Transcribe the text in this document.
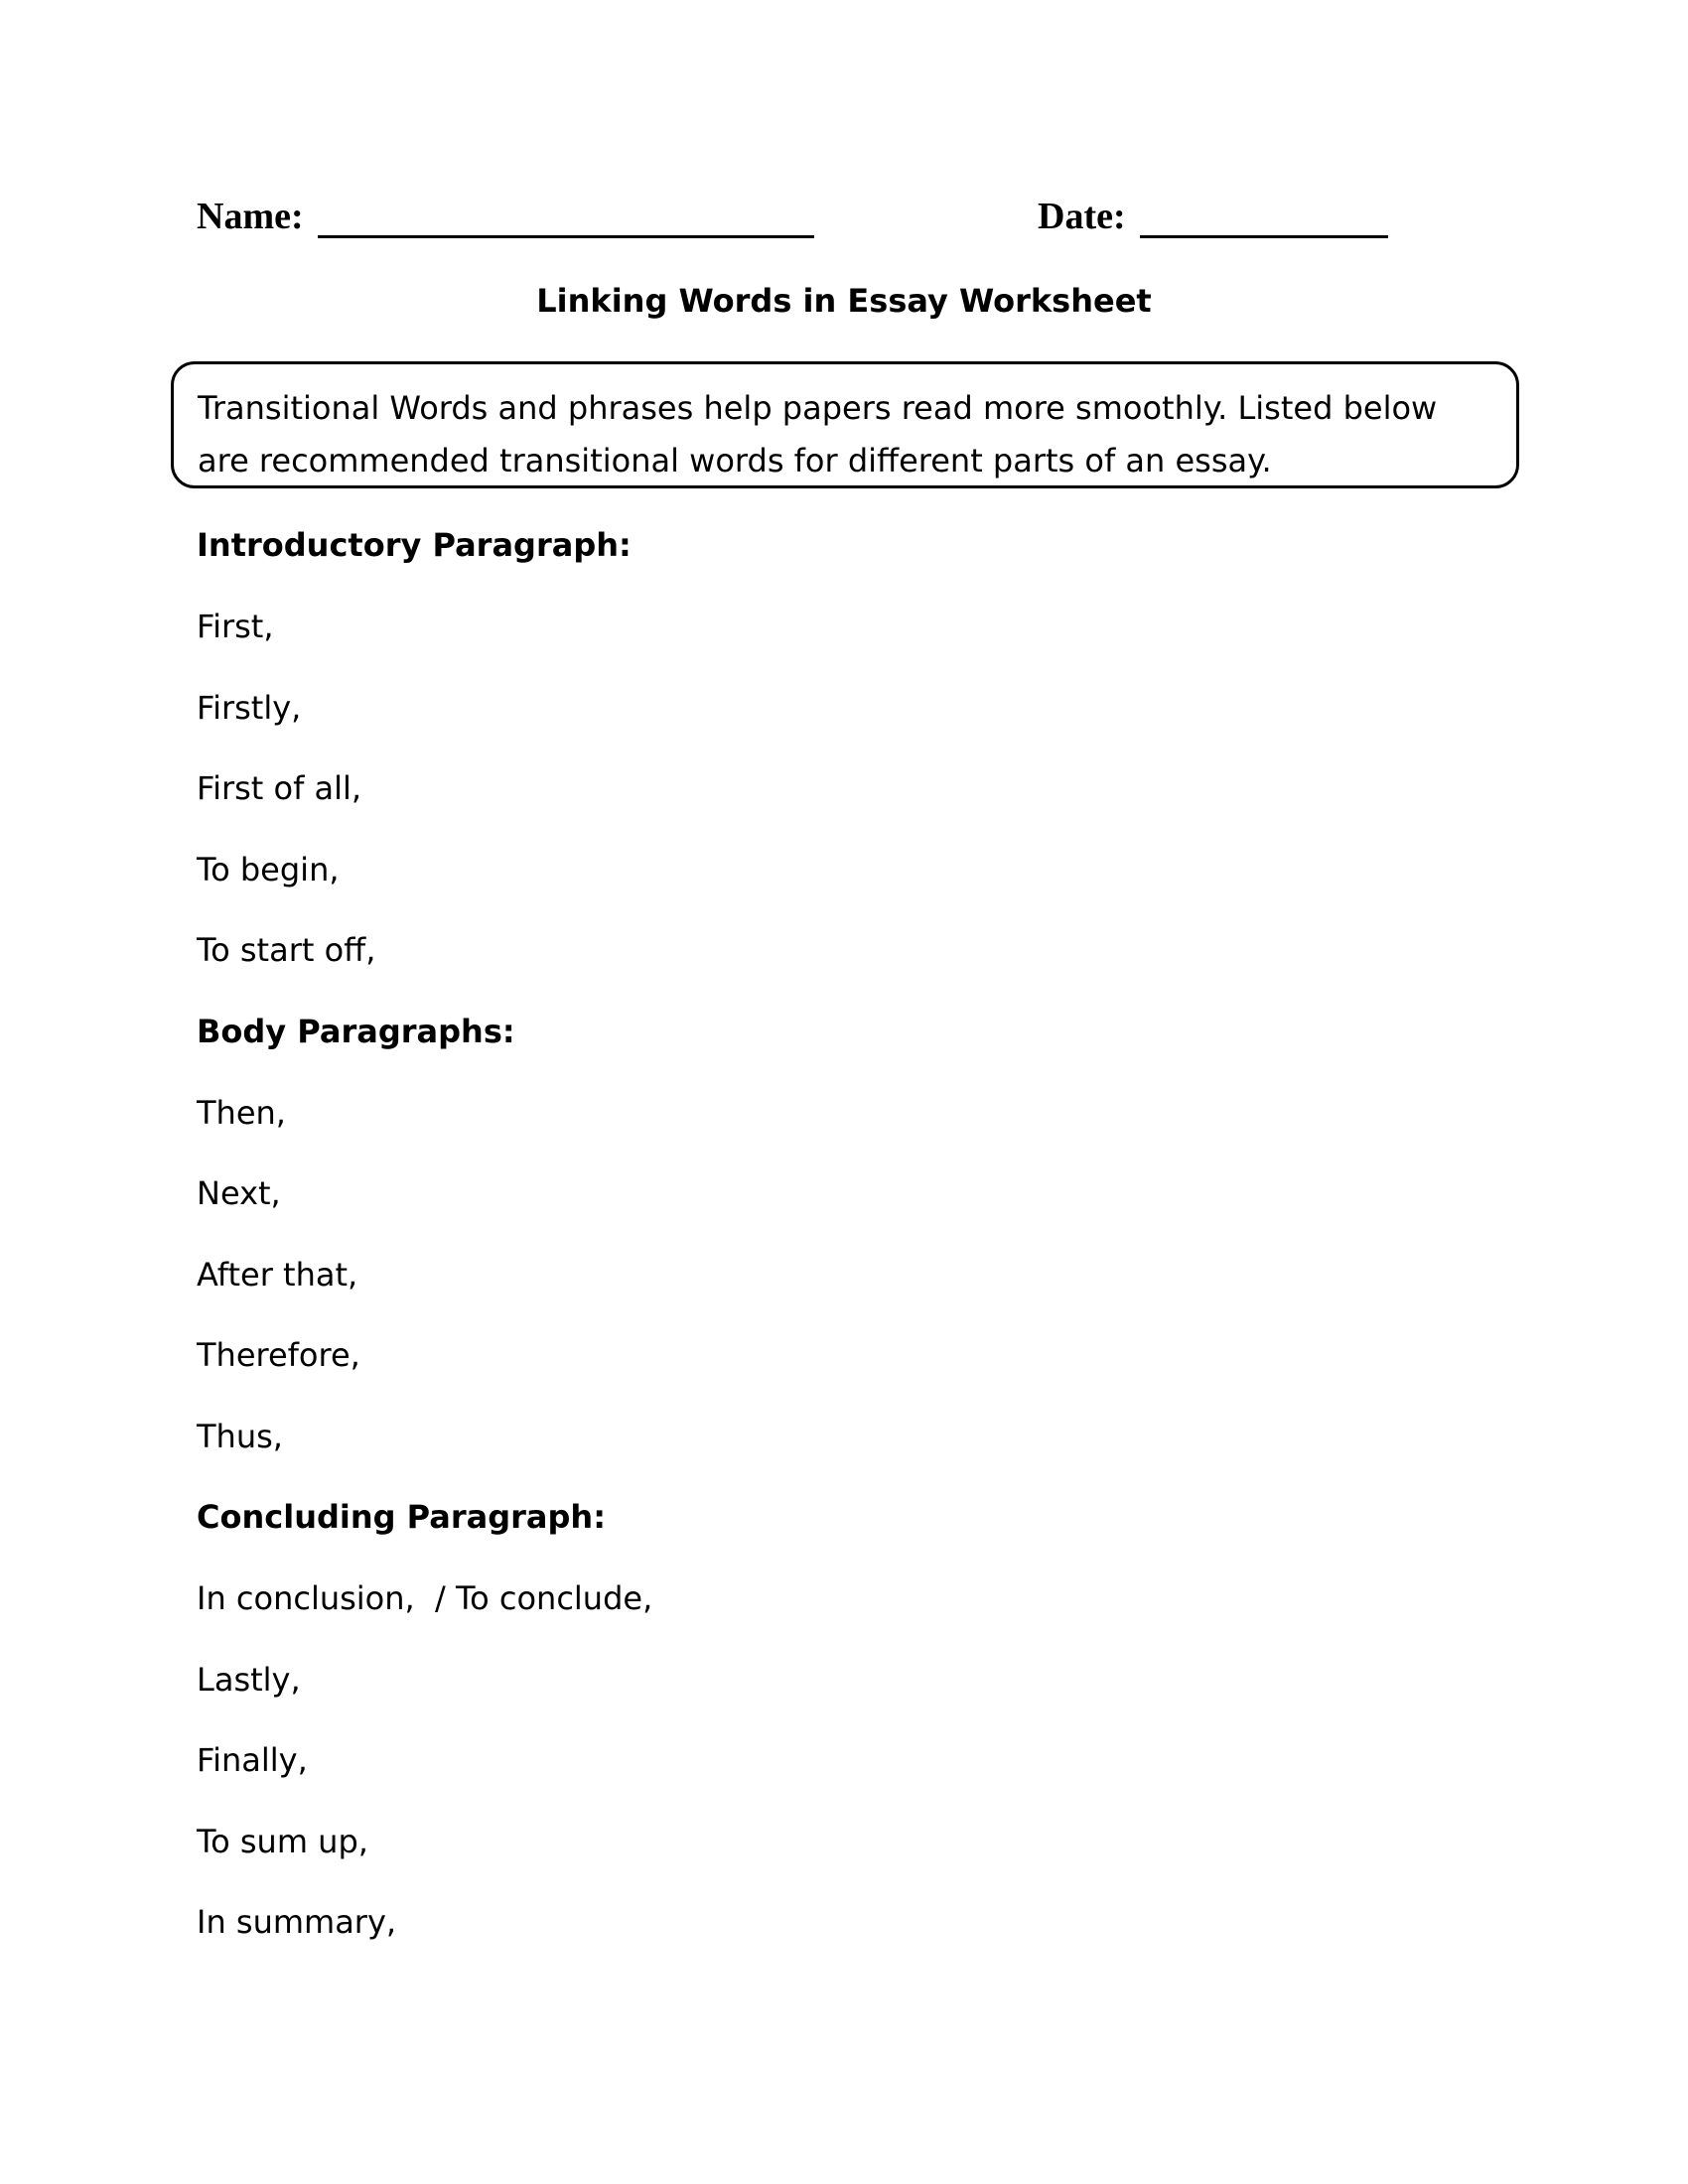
Name:	Date:
Linking Words in Essay Worksheet
Transitional Words and phrases help papers read more smoothly. Listed below are recommended transitional words for different parts of an essay.
Introductory Paragraph:
First,
Firstly,
First of all,
To begin,
To start off,
Body Paragraphs:
Then,
Next,
After that,
Therefore,
Thus,
Concluding Paragraph:
In conclusion,  / To conclude,
Lastly,
Finally,
To sum up,
In summary,
